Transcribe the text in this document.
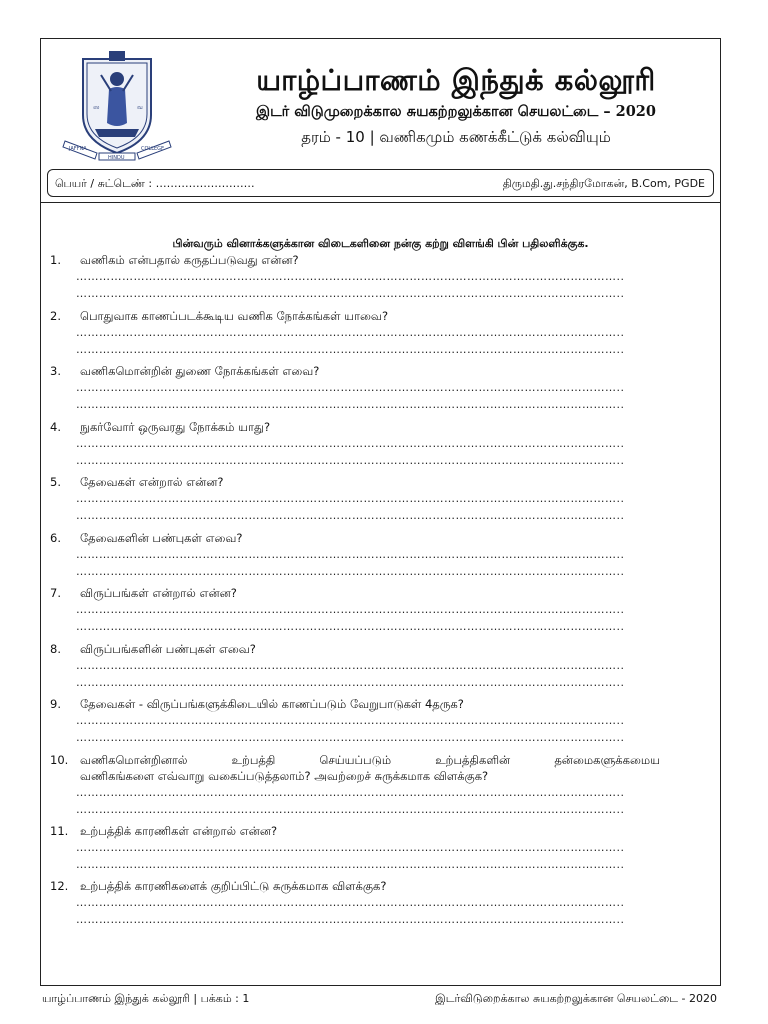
ஸ	வ
JAFFNA
HINDU
COLLEGE
யாழ்ப்பாணம் இந்துக் கல்லூரி
இடர் விடுமுறைக்கால சுயகற்றலுக்கான செயலட்டை – 2020
தரம் - 10 | வணிகமும் கணக்கீட்டுக் கல்வியும்
பெயர் / சுட்டெண் : ………………………	திருமதி.து.சந்திரமோகன், B.Com, PGDE
பின்வரும் வினாக்களுக்கான விடைகளினை நன்கு கற்று விளங்கி பின் பதிலளிக்குக.
1.	வணிகம் என்பதால் கருதப்படுவது என்ன?
……………………………………………………………………………………………………………………………..
……………………………………………………………………………………………………………………………..
2.	பொதுவாக காணப்படக்கூடிய வணிக நோக்கங்கள் யாவை?
……………………………………………………………………………………………………………………………..
……………………………………………………………………………………………………………………………..
3.	வணிகமொன்றின் துணை நோக்கங்கள் எவை?
……………………………………………………………………………………………………………………………..
……………………………………………………………………………………………………………………………..
4.	நுகர்வோர் ஒருவரது நோக்கம் யாது?
……………………………………………………………………………………………………………………………..
……………………………………………………………………………………………………………………………..
5.	தேவைகள் என்றால் என்ன?
……………………………………………………………………………………………………………………………..
……………………………………………………………………………………………………………………………..
6.	தேவைகளின் பண்புகள் எவை?
……………………………………………………………………………………………………………………………..
……………………………………………………………………………………………………………………………..
7.	விருப்பங்கள் என்றால் என்ன?
……………………………………………………………………………………………………………………………..
……………………………………………………………………………………………………………………………..
8.	விருப்பங்களின் பண்புகள் எவை?
……………………………………………………………………………………………………………………………..
……………………………………………………………………………………………………………………………..
9.	தேவைகள் - விருப்பங்களுக்கிடையில் காணப்படும் வேறுபாடுகள் 4தருக?
……………………………………………………………………………………………………………………………..
……………………………………………………………………………………………………………………………..
10.	வணிகமொன்றினால் உற்பத்தி செய்யப்படும் உற்பத்திகளின் தன்மைகளுக்கமைய
வணிகங்களை எவ்வாறு வகைப்படுத்தலாம்? அவற்றைச் சுருக்கமாக விளக்குக?
……………………………………………………………………………………………………………………………..
……………………………………………………………………………………………………………………………..
11.	உற்பத்திக் காரணிகள் என்றால் என்ன?
……………………………………………………………………………………………………………………………..
……………………………………………………………………………………………………………………………..
12.	உற்பத்திக் காரணிகளைக் குறிப்பிட்டு சுருக்கமாக விளக்குக?
……………………………………………………………………………………………………………………………..
……………………………………………………………………………………………………………………………..
யாழ்ப்பாணம் இந்துக் கல்லூரி | பக்கம் : 1	இடர்விடுறைக்கால சுயகற்றலுக்கான செயலட்டை - 2020
